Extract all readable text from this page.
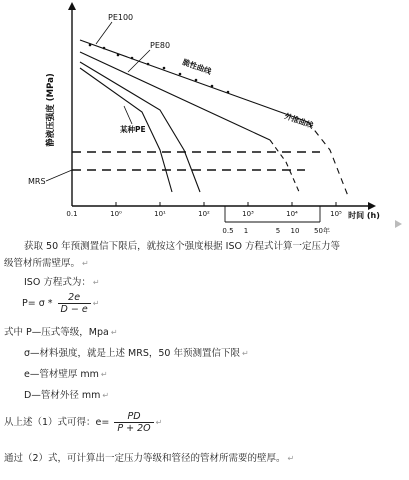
静液压强度 (MPa)
0.1	10⁰	10¹	10²	10³	10⁴	10⁵ 时间 (h)
0.5 1	5 10 50年
MRS
PE100
PE80
某种PE
脆性曲线
外推曲线
获取 50 年预测置信下限后，就按这个强度根据 ISO 方程式计算一定压力等
级管材所需壁厚。 ↵
ISO 方程式为： ↵
$P= \sigma * \frac{2e}{D - e}$ ↵
式中 P—压式等级，Mpa ↵
σ—材料强度，就是上述 MRS，50 年预测置信下限 ↵
e—管材壁厚 mm ↵
D—管材外径 mm ↵
从上述（1）式可得：$e= \frac{PD}{P + 2O}$ ↵
通过（2）式，可计算出一定压力等级和管径的管材所需要的壁厚。 ↵
